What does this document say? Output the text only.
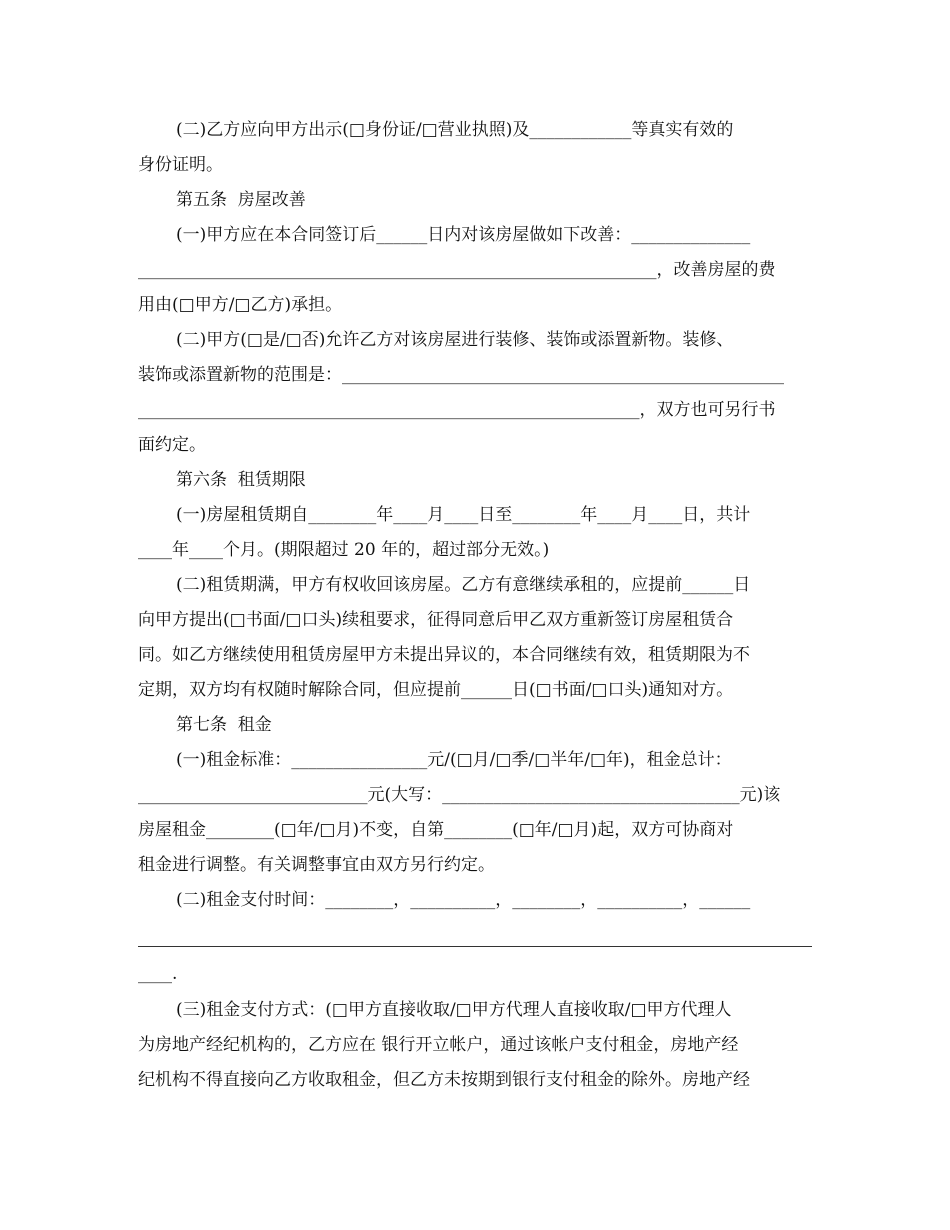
(二)乙方应向甲方出示(□身份证/□营业执照)及____________等真实有效的
身份证明。
第五条  房屋改善
(一)甲方应在本合同签订后______日内对该房屋做如下改善：______________
_____________________________________________________________，改善房屋的费
用由(□甲方/□乙方)承担。
(二)甲方(□是/□否)允许乙方对该房屋进行装修、装饰或添置新物。装修、
装饰或添置新物的范围是：____________________________________________________
___________________________________________________________，双方也可另行书
面约定。
第六条  租赁期限
(一)房屋租赁期自________年____月____日至________年____月____日，共计
____年____个月。(期限超过 20 年的，超过部分无效。)
(二)租赁期满，甲方有权收回该房屋。乙方有意继续承租的，应提前______日
向甲方提出(□书面/□口头)续租要求，征得同意后甲乙双方重新签订房屋租赁合
同。如乙方继续使用租赁房屋甲方未提出异议的，本合同继续有效，租赁期限为不
定期，双方均有权随时解除合同，但应提前______日(□书面/□口头)通知对方。
第七条  租金
(一)租金标准：________________元/(□月/□季/□半年/□年)，租金总计：
___________________________元(大写：___________________________________元)该
房屋租金________(□年/□月)不变，自第________(□年/□月)起，双方可协商对
租金进行调整。有关调整事宜由双方另行约定。
(二)租金支付时间：________，__________，________，__________，______
____.
(三)租金支付方式：(□甲方直接收取/□甲方代理人直接收取/□甲方代理人
为房地产经纪机构的，乙方应在 银行开立帐户，通过该帐户支付租金，房地产经
纪机构不得直接向乙方收取租金，但乙方未按期到银行支付租金的除外。房地产经
